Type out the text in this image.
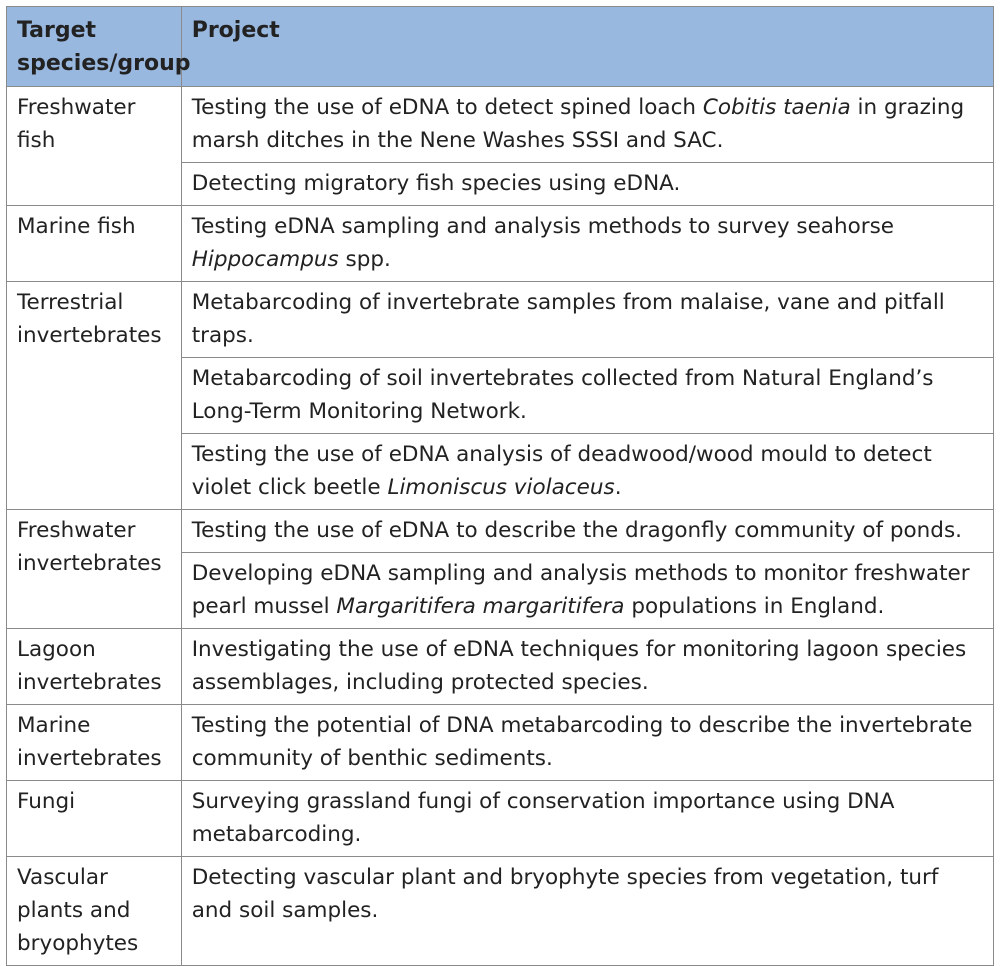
Target species/group	Project
Freshwater fish	Testing the use of eDNA to detect spined loach Cobitis taenia in grazing marsh ditches in the Nene Washes SSSI and SAC.
	Detecting migratory fish species using eDNA.
Marine fish	Testing eDNA sampling and analysis methods to survey seahorse Hippocampus spp.
Terrestrial invertebrates	Metabarcoding of invertebrate samples from malaise, vane and pitfall traps.
	Metabarcoding of soil invertebrates collected from Natural England’s Long-Term Monitoring Network.
	Testing the use of eDNA analysis of deadwood/wood mould to detect violet click beetle Limoniscus violaceus.
Freshwater invertebrates	Testing the use of eDNA to describe the dragonfly community of ponds.
	Developing eDNA sampling and analysis methods to monitor freshwater pearl mussel Margaritifera margaritifera populations in England.
Lagoon invertebrates	Investigating the use of eDNA techniques for monitoring lagoon species assemblages, including protected species.
Marine invertebrates	Testing the potential of DNA metabarcoding to describe the invertebrate community of benthic sediments.
Fungi	Surveying grassland fungi of conservation importance using DNA metabarcoding.
Vascular plants and bryophytes	Detecting vascular plant and bryophyte species from vegetation, turf and soil samples.
